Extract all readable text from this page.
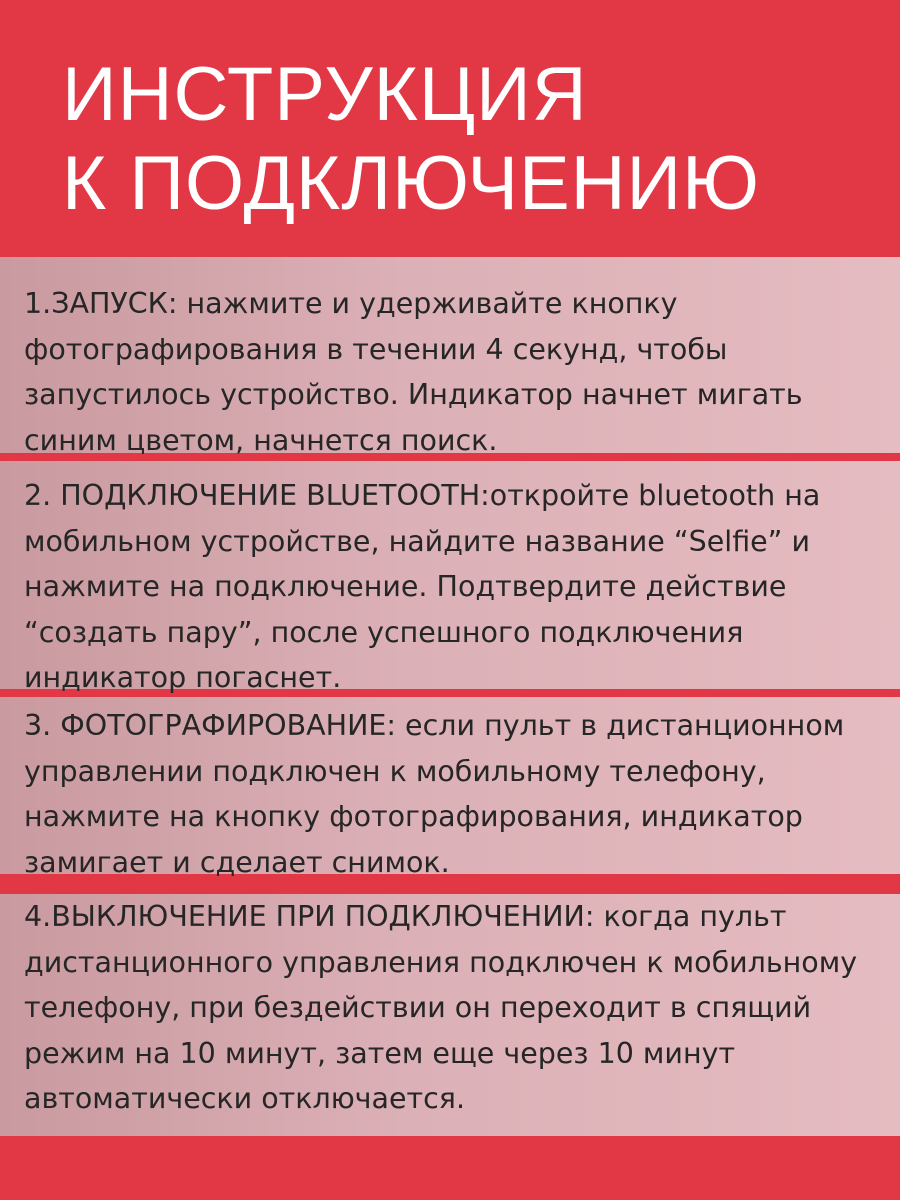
ИНСТРУКЦИЯ
К ПОДКЛЮЧЕНИЮ

1.ЗАПУСК: нажмите и удерживайте кнопку
фотографирования в течении 4 секунд, чтобы
запустилось устройство. Индикатор начнет мигать
синим цветом, начнется поиск.

2. ПОДКЛЮЧЕНИЕ BLUETOOTH:откройте bluetooth на
мобильном устройстве, найдите название “Selfie” и
нажмите на подключение. Подтвердите действие
“создать пару”, после успешного подключения
индикатор погаснет.

3. ФОТОГРАФИРОВАНИЕ: если пульт в дистанционном
управлении подключен к мобильному телефону,
нажмите на кнопку фотографирования, индикатор
замигает и сделает снимок.

4.ВЫКЛЮЧЕНИЕ ПРИ ПОДКЛЮЧЕНИИ: когда пульт
дистанционного управления подключен к мобильному
телефону, при бездействии он переходит в спящий
режим на 10 минут, затем еще через 10 минут
автоматически отключается.
